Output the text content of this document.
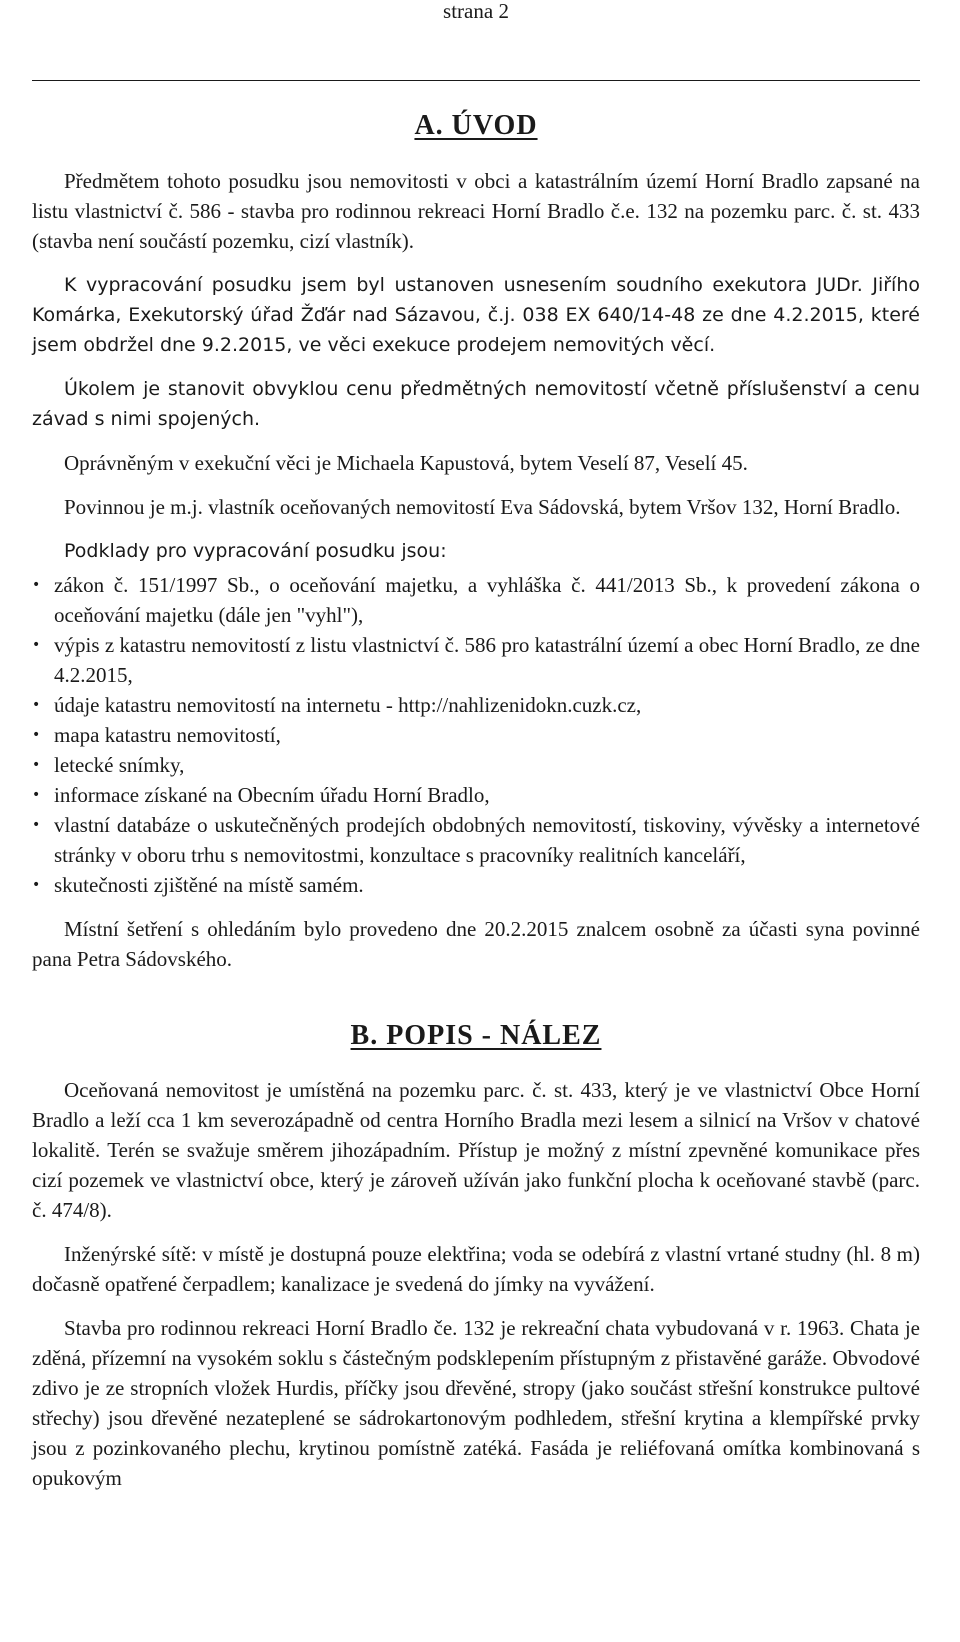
strana 2
A. ÚVOD

Předmětem tohoto posudku jsou nemovitosti v obci a katastrálním území Horní Bradlo zapsané na listu vlastnictví č. 586 - stavba pro rodinnou rekreaci Horní Bradlo č.e. 132 na pozemku parc. č. st. 433 (stavba není součástí pozemku, cizí vlastník).

K vypracování posudku jsem byl ustanoven usnesením soudního exekutora JUDr. Jiřího Komárka, Exekutorský úřad Žďár nad Sázavou, č.j. 038 EX 640/14-48 ze dne 4.2.2015, které jsem obdržel dne 9.2.2015, ve věci exekuce prodejem nemovitých věcí.

Úkolem je stanovit obvyklou cenu předmětných nemovitostí včetně příslušenství a cenu závad s nimi spojených.

Oprávněným v exekuční věci je Michaela Kapustová, bytem Veselí 87, Veselí 45.

Povinnou je m.j. vlastník oceňovaných nemovitostí Eva Sádovská, bytem Vršov 132, Horní Bradlo.

Podklady pro vypracování posudku jsou:

• zákon č. 151/1997 Sb., o oceňování majetku, a vyhláška č. 441/2013 Sb., k provedení zákona o oceňování majetku (dále jen "vyhl"),
• výpis z katastru nemovitostí z listu vlastnictví č. 586 pro katastrální území a obec Horní Bradlo, ze dne 4.2.2015,
• údaje katastru nemovitostí na internetu - http://nahlizenidokn.cuzk.cz,
• mapa katastru nemovitostí,
• letecké snímky,
• informace získané na Obecním úřadu Horní Bradlo,
• vlastní databáze o uskutečněných prodejích obdobných nemovitostí, tiskoviny, vývěsky a internetové stránky v oboru trhu s nemovitostmi, konzultace s pracovníky realitních kanceláří,
• skutečnosti zjištěné na místě samém.

Místní šetření s ohledáním bylo provedeno dne 20.2.2015 znalcem osobně za účasti syna povinné pana Petra Sádovského.

B. POPIS - NÁLEZ

Oceňovaná nemovitost je umístěná na pozemku parc. č. st. 433, který je ve vlastnictví Obce Horní Bradlo a leží cca 1 km severozápadně od centra Horního Bradla mezi lesem a silnicí na Vršov v chatové lokalitě. Terén se svažuje směrem jihozápadním. Přístup je možný z místní zpevněné komunikace přes cizí pozemek ve vlastnictví obce, který je zároveň užíván jako funkční plocha k oceňované stavbě (parc. č. 474/8).

Inženýrské sítě: v místě je dostupná pouze elektřina; voda se odebírá z vlastní vrtané studny (hl. 8 m) dočasně opatřené čerpadlem; kanalizace je svedená do jímky na vyvážení.

Stavba pro rodinnou rekreaci Horní Bradlo če. 132 je rekreační chata vybudovaná v r. 1963. Chata je zděná, přízemní na vysokém soklu s částečným podsklepením přístupným z přistavěné garáže. Obvodové zdivo je ze stropních vložek Hurdis, příčky jsou dřevěné, stropy (jako součást střešní konstrukce pultové střechy) jsou dřevěné nezateplené se sádrokartonovým podhledem, střešní krytina a klempířské prvky jsou z pozinkovaného plechu, krytinou pomístně zatéká. Fasáda je reliéfovaná omítka kombinovaná s opukovým
